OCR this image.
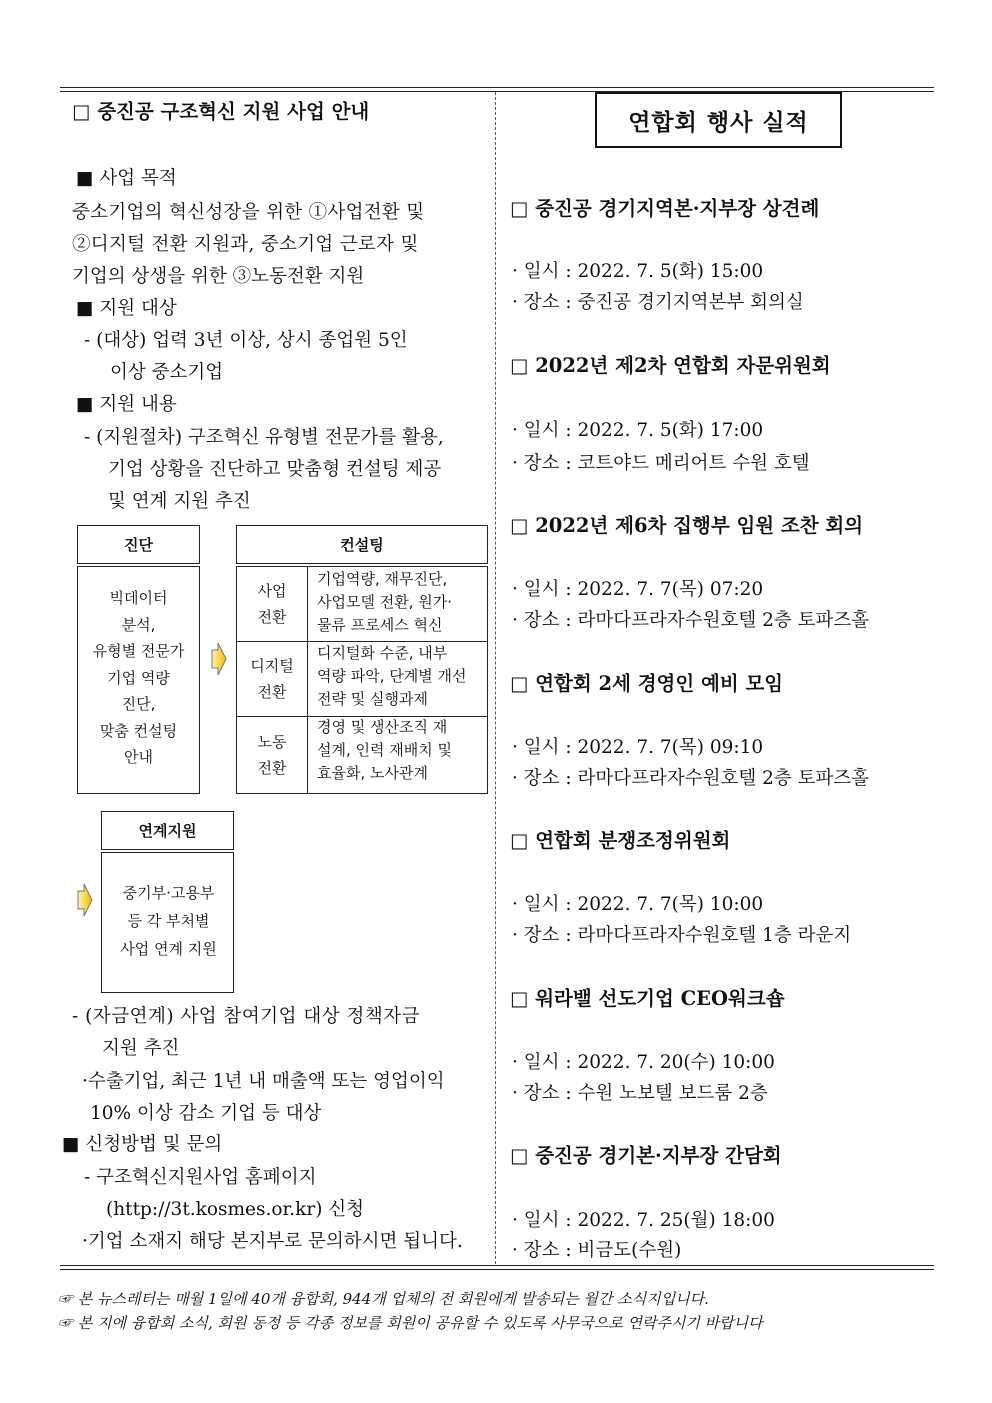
□ 중진공 구조혁신 지원 사업 안내
■ 사업 목적
중소기업의 혁신성장을 위한 ①사업전환 및
②디지털 전환 지원과, 중소기업 근로자 및
기업의 상생을 위한 ③노동전환 지원
■ 지원 대상
- (대상) 업력 3년 이상, 상시 종업원 5인
이상 중소기업
■ 지원 내용
- (지원절차) 구조혁신 유형별 전문가를 활용,
기업 상황을 진단하고 맞춤형 컨설팅 제공
및 연계 지원 추진
진단
빅데이터
분석,
유형별 전문가
기업 역량
진단,
맞춤 컨설팅
안내
컨설팅
사업
전환
기업역량, 재무진단,
사업모델 전환, 원가·
물류 프로세스 혁신
디지털
전환
디지털화 수준, 내부
역량 파악, 단계별 개선
전략 및 실행과제
노동
전환
경영 및 생산조직 재
설계, 인력 재배치 및
효율화, 노사관계
연계지원
중기부·고용부
등 각 부처별
사업 연계 지원
- (자금연계) 사업 참여기업 대상 정책자금
지원 추진
·수출기업, 최근 1년 내 매출액 또는 영업이익
10% 이상 감소 기업 등 대상
■ 신청방법 및 문의
- 구조혁신지원사업 홈페이지
(http://3t.kosmes.or.kr) 신청
·기업 소재지 해당 본지부로 문의하시면 됩니다.
연합회 행사 실적
□ 중진공 경기지역본·지부장 상견례
· 일시 : 2022. 7. 5(화) 15:00
· 장소 : 중진공 경기지역본부 회의실
□ 2022년 제2차 연합회 자문위원회
· 일시 : 2022. 7. 5(화) 17:00
· 장소 : 코트야드 메리어트 수원 호텔
□ 2022년 제6차 집행부 임원 조찬 회의
· 일시 : 2022. 7. 7(목) 07:20
· 장소 : 라마다프라자수원호텔 2층 토파즈홀
□ 연합회 2세 경영인 예비 모임
· 일시 : 2022. 7. 7(목) 09:10
· 장소 : 라마다프라자수원호텔 2층 토파즈홀
□ 연합회 분쟁조정위원회
· 일시 : 2022. 7. 7(목) 10:00
· 장소 : 라마다프라자수원호텔 1층 라운지
□ 워라밸 선도기업 CEO워크숍
· 일시 : 2022. 7. 20(수) 10:00
· 장소 : 수원 노보텔 보드룸 2층
□ 중진공 경기본·지부장 간담회
· 일시 : 2022. 7. 25(월) 18:00
· 장소 : 비금도(수원)
☞ 본 뉴스레터는 매월 1일에 40개 융합회, 944개 업체의 전 회원에게 발송되는 월간 소식지입니다.
☞ 본 지에 융합회 소식, 회원 동정 등 각종 정보를 회원이 공유할 수 있도록 사무국으로 연락주시기 바랍니다
